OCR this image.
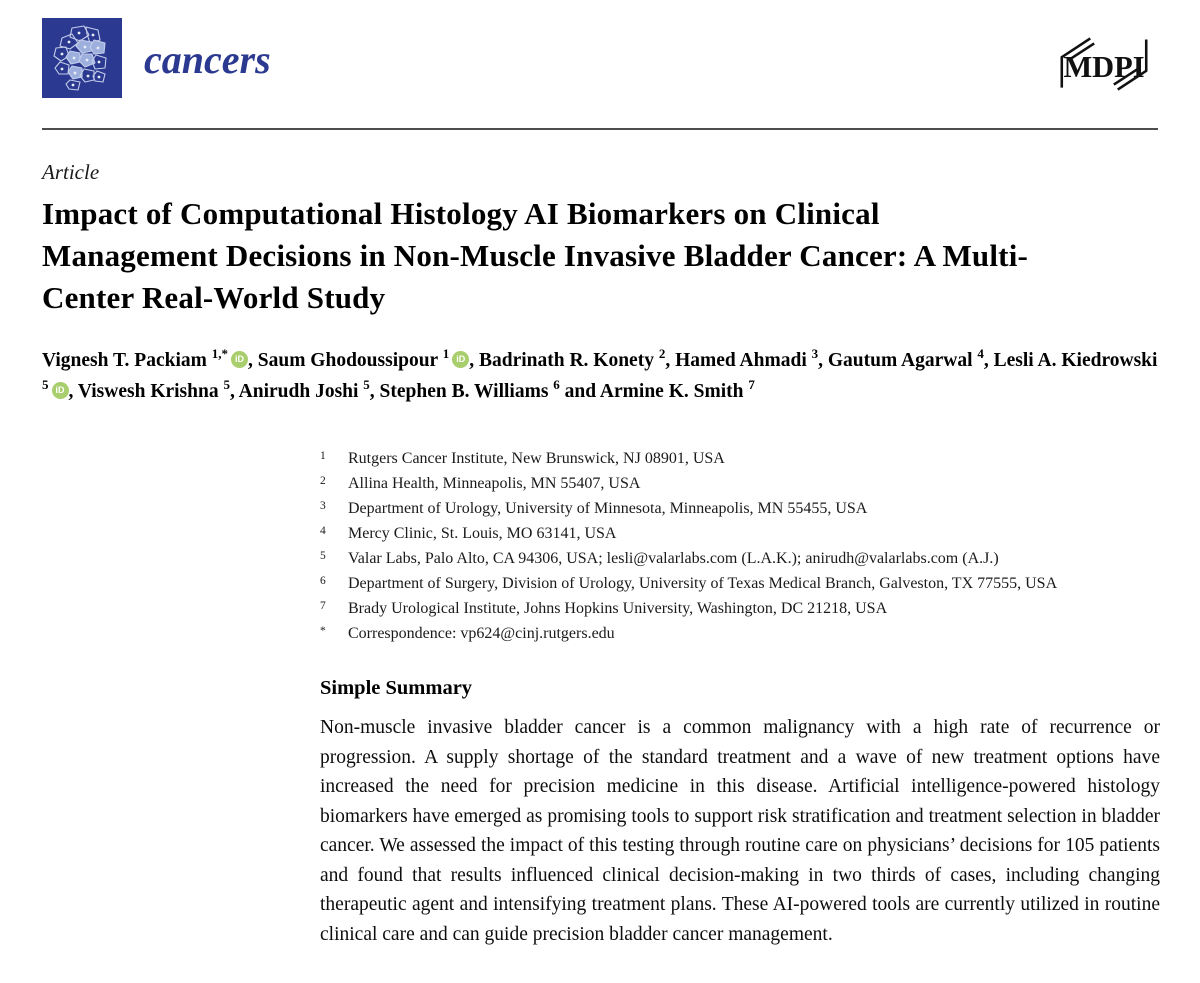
cancers	MDPI
Article
Impact of Computational Histology AI Biomarkers on Clinical Management Decisions in Non-Muscle Invasive Bladder Cancer: A Multi-Center Real-World Study

Vignesh T. Packiam $^{1,*}$ iD , Saum Ghodoussipour $^1$ iD , Badrinath R. Konety $^2$, Hamed Ahmadi $^3$, Gautum Agarwal $^4$, Lesli A. Kiedrowski $^5$ iD , Viswesh Krishna $^5$, Anirudh Joshi $^5$, Stephen B. Williams $^6$ and Armine K. Smith $^7$

1	Rutgers Cancer Institute, New Brunswick, NJ 08901, USA
2	Allina Health, Minneapolis, MN 55407, USA
3	Department of Urology, University of Minnesota, Minneapolis, MN 55455, USA
4	Mercy Clinic, St. Louis, MO 63141, USA
5	Valar Labs, Palo Alto, CA 94306, USA; lesli@valarlabs.com (L.A.K.); anirudh@valarlabs.com (A.J.)
6	Department of Surgery, Division of Urology, University of Texas Medical Branch, Galveston, TX 77555, USA
7	Brady Urological Institute, Johns Hopkins University, Washington, DC 21218, USA
*	Correspondence: vp624@cinj.rutgers.edu
Simple Summary

Non-muscle invasive bladder cancer is a common malignancy with a high rate of recurrence or progression. A supply shortage of the standard treatment and a wave of new treatment options have increased the need for precision medicine in this disease. Artificial intelligence-powered histology biomarkers have emerged as promising tools to support risk stratification and treatment selection in bladder cancer. We assessed the impact of this testing through routine care on physicians’ decisions for 105 patients and found that results influenced clinical decision-making in two thirds of cases, including changing therapeutic agent and intensifying treatment plans. These AI-powered tools are currently utilized in routine clinical care and can guide precision bladder cancer management.
